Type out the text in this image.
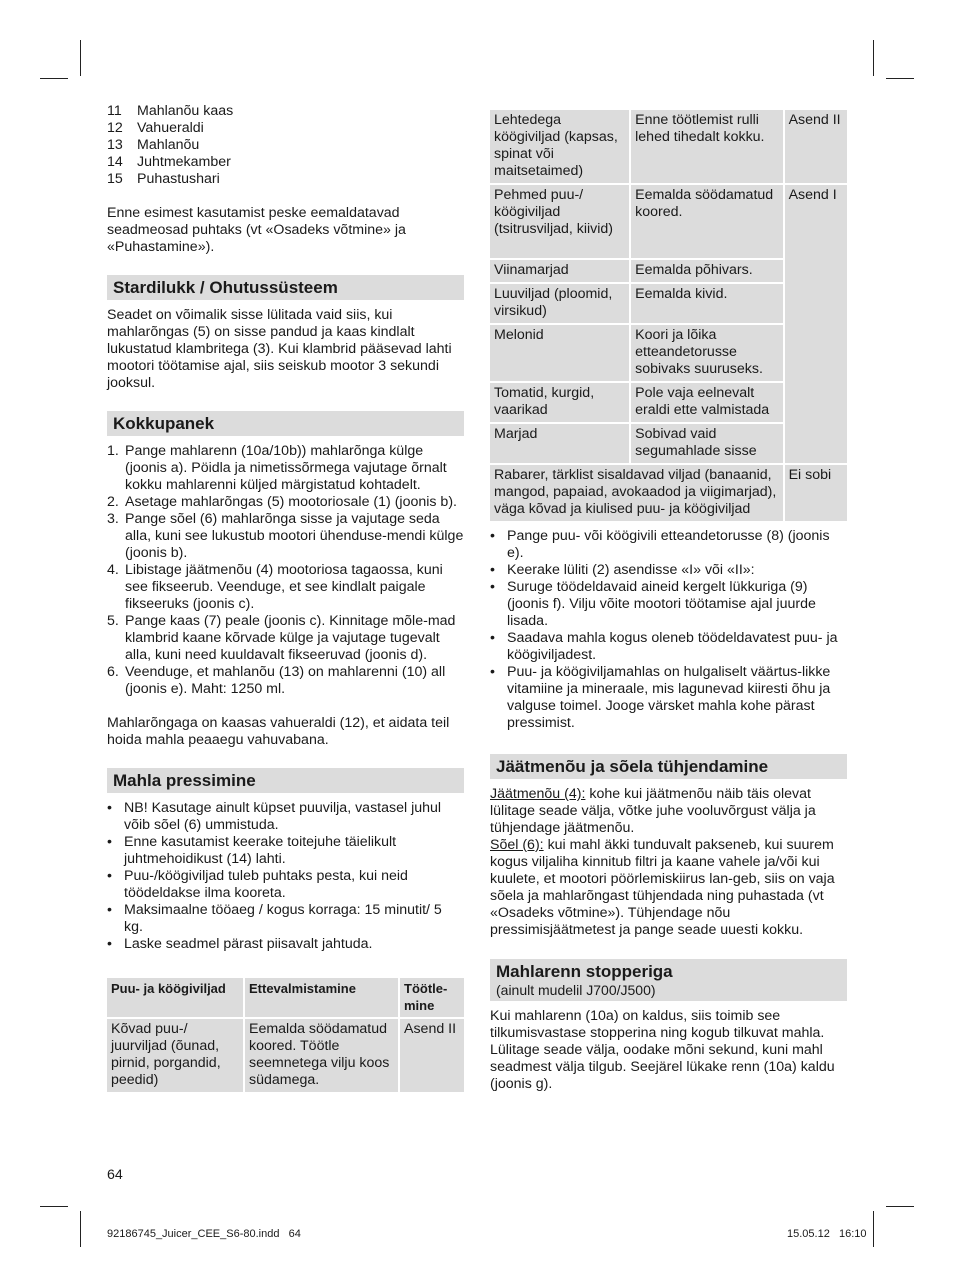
11	Mahlanõu kaas
12	Vahueraldi
13	Mahlanõu
14	Juhtmekamber
15	Puhastushari

Enne esimest kasutamist peske eemaldatavad seadmeosad puhtaks (vt «Osadeks võtmine» ja «Puhastamine»).

Stardilukk / Ohutussüsteem

Seadet on võimalik sisse lülitada vaid siis, kui mahlarõngas (5) on sisse pandud ja kaas kindlalt lukustatud klambritega (3). Kui klambrid pääsevad lahti mootori töötamise ajal, siis seiskub mootor 3 sekundi jooksul.

Kokkupanek
1. Pange mahlarenn (10a/10b)) mahlarõnga külge (joonis a). Pöidla ja nimetissõrmega vajutage õrnalt kokku mahlarenni küljed märgistatud kohtadelt.
2. Asetage mahlarõngas (5) mootoriosale (1) (joonis b).
3. Pange sõel (6) mahlarõnga sisse ja vajutage seda alla, kuni see lukustub mootori ühenduse-mendi külge (joonis b).
4. Libistage jäätmenõu (4) mootoriosa tagaossa, kuni see fikseerub. Veenduge, et see kindlalt paigale fikseeruks (joonis c).
5. Pange kaas (7) peale (joonis c). Kinnitage mõle-mad klambrid kaane kõrvade külge ja vajutage tugevalt alla, kuni need kuuldavalt fikseeruvad (joonis d).
6. Veenduge, et mahlanõu (13) on mahlarenni (10) all (joonis e). Maht: 1250 ml.

Mahlarõngaga on kaasas vahueraldi (12), et aidata teil hoida mahla peaaegu vahuvabana.

Mahla pressimine
• NB! Kasutage ainult küpset puuvilja, vastasel juhul võib sõel (6) ummistuda.
• Enne kasutamist keerake toitejuhe täielikult juhtmehoidikust (14) lahti.
• Puu-/köögiviljad tuleb puhtaks pesta, kui neid töödeldakse ilma kooreta.
• Maksimaalne tööaeg / kogus korraga: 15 minutit/ 5 kg.
• Laske seadmel pärast piisavalt jahtuda.
Puu- ja köögiviljad	Ettevalmistamine	Töötle-mine
Kõvad puu-/ juurviljad (õunad, pirnid, porgandid, peedid)	Eemalda söödamatud koored. Töötle seemnetega vilju koos südamega.	Asend II
Lehtedega köögiviljad (kapsas, spinat või maitsetaimed)	Enne töötlemist rulli lehed tihedalt kokku.	Asend II
Pehmed puu-/ köögiviljad (tsitrusviljad, kiivid)	Eemalda söödamatud koored.	Asend I
Viinamarjad	Eemalda põhivars.	
Luuviljad (ploomid, virsikud)	Eemalda kivid.	
Melonid	Koori ja lõika etteandetorusse sobivaks suuruseks.	
Tomatid, kurgid, vaarikad	Pole vaja eelnevalt eraldi ette valmistada	
Marjad	Sobivad vaid segumahlade sisse	
Rabarer, tärklist sisaldavad viljad (banaanid, mangod, papaiad, avokaadod ja viigimarjad), väga kõvad ja kiulised puu- ja köögiviljad		Ei sobi
• Pange puu- või köögivili etteandetorusse (8) (joonis e).
• Keerake lüliti (2) asendisse «I» või «II»:
• Suruge töödeldavaid aineid kergelt lükkuriga (9) (joonis f). Vilju võite mootori töötamise ajal juurde lisada.
• Saadava mahla kogus oleneb töödeldavatest puu- ja köögiviljadest.
• Puu- ja köögiviljamahlas on hulgaliselt väärtus-likke vitamiine ja mineraale, mis lagunevad kiiresti õhu ja valguse toimel. Jooge värsket mahla kohe pärast pressimist.
Jäätmenõu ja sõela tühjendamine

Jäätmenõu (4): kohe kui jäätmenõu näib täis olevat lülitage seade välja, võtke juhe vooluvõrgust välja ja tühjendage jäätmenõu.

Sõel (6): kui mahl äkki tunduvalt pakseneb, kui suurem kogus viljaliha kinnitub filtri ja kaane vahele ja/või kui kuulete, et mootori pöörlemiskiirus lan-geb, siis on vaja sõela ja mahlarõngast tühjendada ning puhastada (vt «Osadeks võtmine»). Tühjendage nõu pressimisjäätmetest ja pange seade uuesti kokku.

Mahlarenn stopperiga
(ainult mudelil J700/J500)

Kui mahlarenn (10a) on kaldus, siis toimib see tilkumisvastase stopperina ning kogub tilkuvat mahla.

Lülitage seade välja, oodake mõni sekund, kuni mahl seadmest välja tilgub. Seejärel lükake renn (10a) kaldu (joonis g).

64
92186745_Juicer_CEE_S6-80.indd   64	15.05.12   16:10
